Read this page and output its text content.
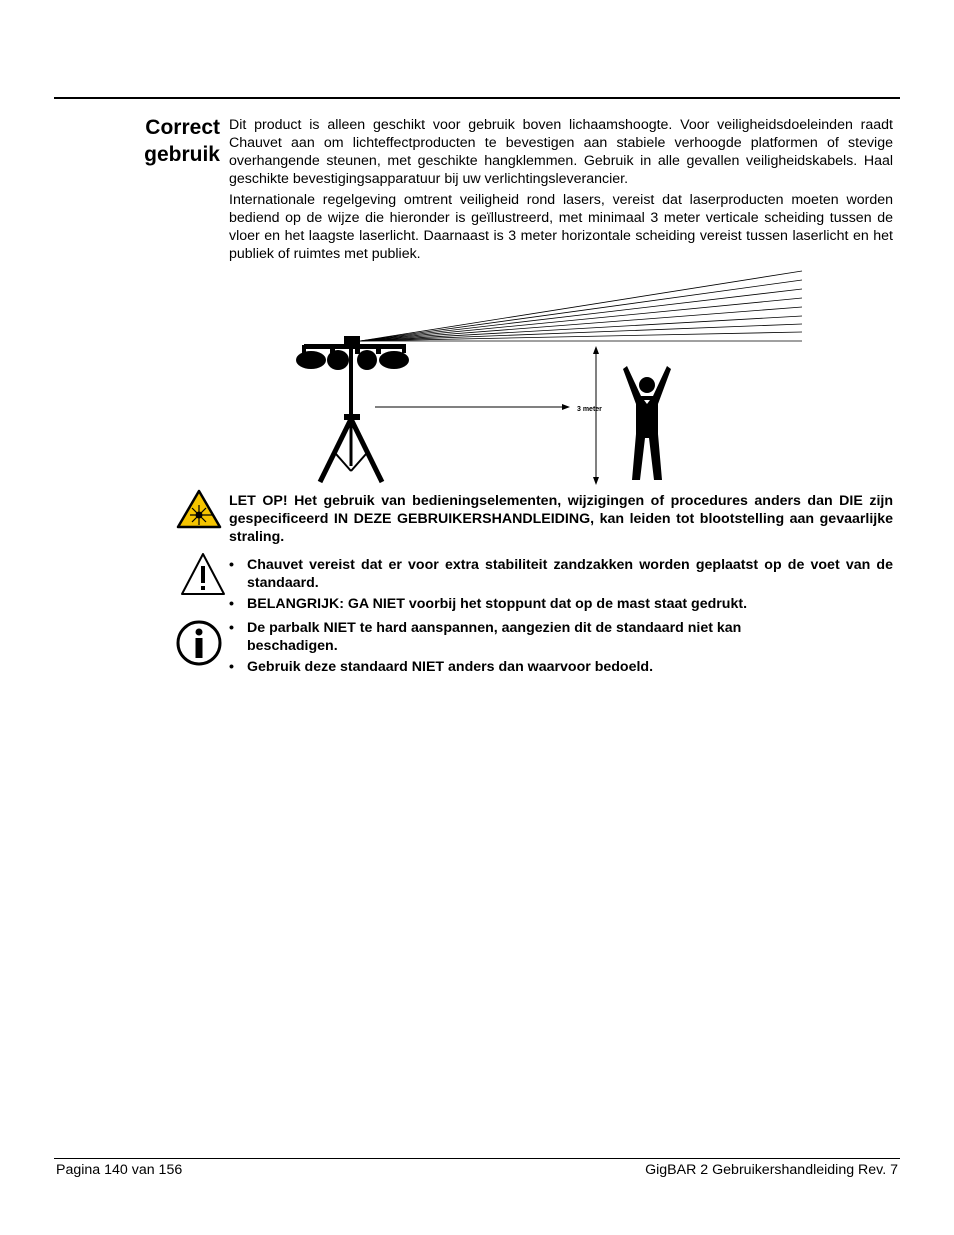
Correct
gebruik

Dit product is alleen geschikt voor gebruik boven lichaamshoogte. Voor veiligheidsdoeleinden raadt Chauvet aan om lichteffectproducten te bevestigen aan stabiele verhoogde platformen of stevige overhangende steunen, met geschikte hangklemmen. Gebruik in alle gevallen veiligheidskabels. Haal geschikte bevestigingsapparatuur bij uw verlichtingsleverancier.

Internationale regelgeving omtrent veiligheid rond lasers, vereist dat laserproducten moeten worden bediend op de wijze die hieronder is geïllustreerd, met minimaal 3 meter verticale scheiding tussen de vloer en het laagste laserlicht. Daarnaast is 3 meter horizontale scheiding vereist tussen laserlicht en het publiek of ruimtes met publiek.

3 meter

LET OP! Het gebruik van bedieningselementen, wijzigingen of procedures anders dan DIE zijn gespecificeerd IN DEZE GEBRUIKERSHANDLEIDING, kan leiden tot blootstelling aan gevaarlijke straling.

• Chauvet vereist dat er voor extra stabiliteit zandzakken worden geplaatst op de voet van de standaard.
• BELANGRIJK: GA NIET voorbij het stoppunt dat op de mast staat gedrukt.
• De parbalk NIET te hard aanspannen, aangezien dit de standaard niet kan beschadigen.
• Gebruik deze standaard NIET anders dan waarvoor bedoeld.
Pagina 140 van 156	GigBAR 2 Gebruikershandleiding Rev. 7
